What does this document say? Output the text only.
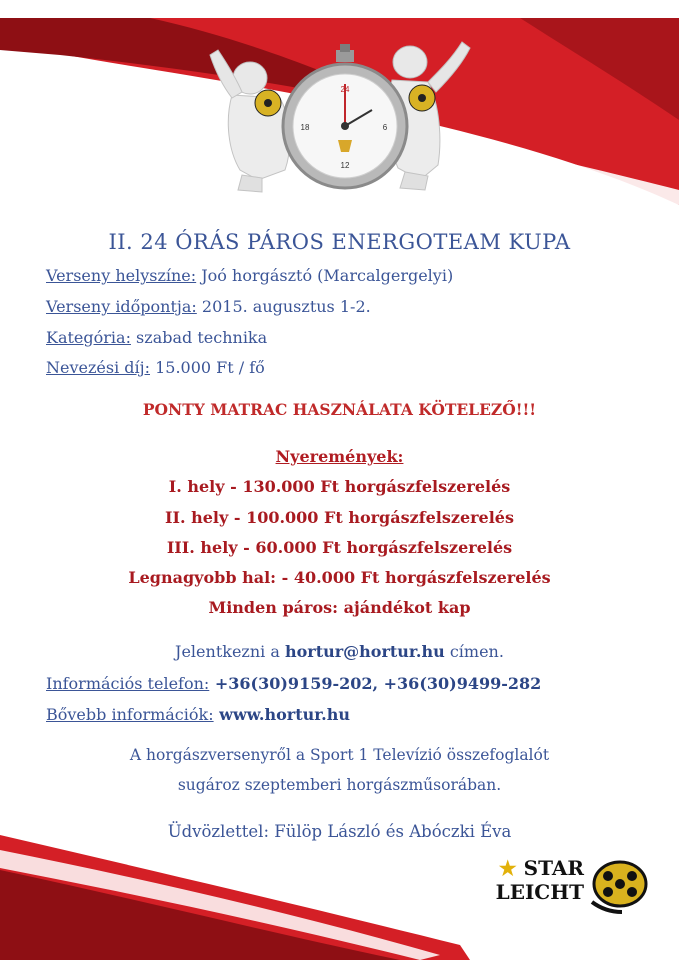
24
18	6
12
II. 24 ÓRÁS PÁROS ENERGOTEAM KUPA
Verseny helyszíne: Joó horgásztó (Marcalgergelyi)
Verseny időpontja: 2015. augusztus 1-2.
Kategória: szabad technika
Nevezési díj: 15.000 Ft / fő
PONTY MATRAC HASZNÁLATA KÖTELEZŐ!!!
Nyeremények:
I. hely - 130.000 Ft horgászfelszerelés
II. hely - 100.000 Ft horgászfelszerelés
III. hely - 60.000 Ft horgászfelszerelés
Legnagyobb hal: - 40.000 Ft horgászfelszerelés
Minden páros: ajándékot kap
Jelentkezni a hortur@hortur.hu címen.
Információs telefon: +36(30)9159-202, +36(30)9499-282
Bővebb információk: www.hortur.hu
A horgászversenyről a Sport 1 Televízió összefoglalót
sugároz szeptemberi horgászműsorában.
Üdvözlettel: Fülöp László és Abóczki Éva
★ STAR
LEICHT
